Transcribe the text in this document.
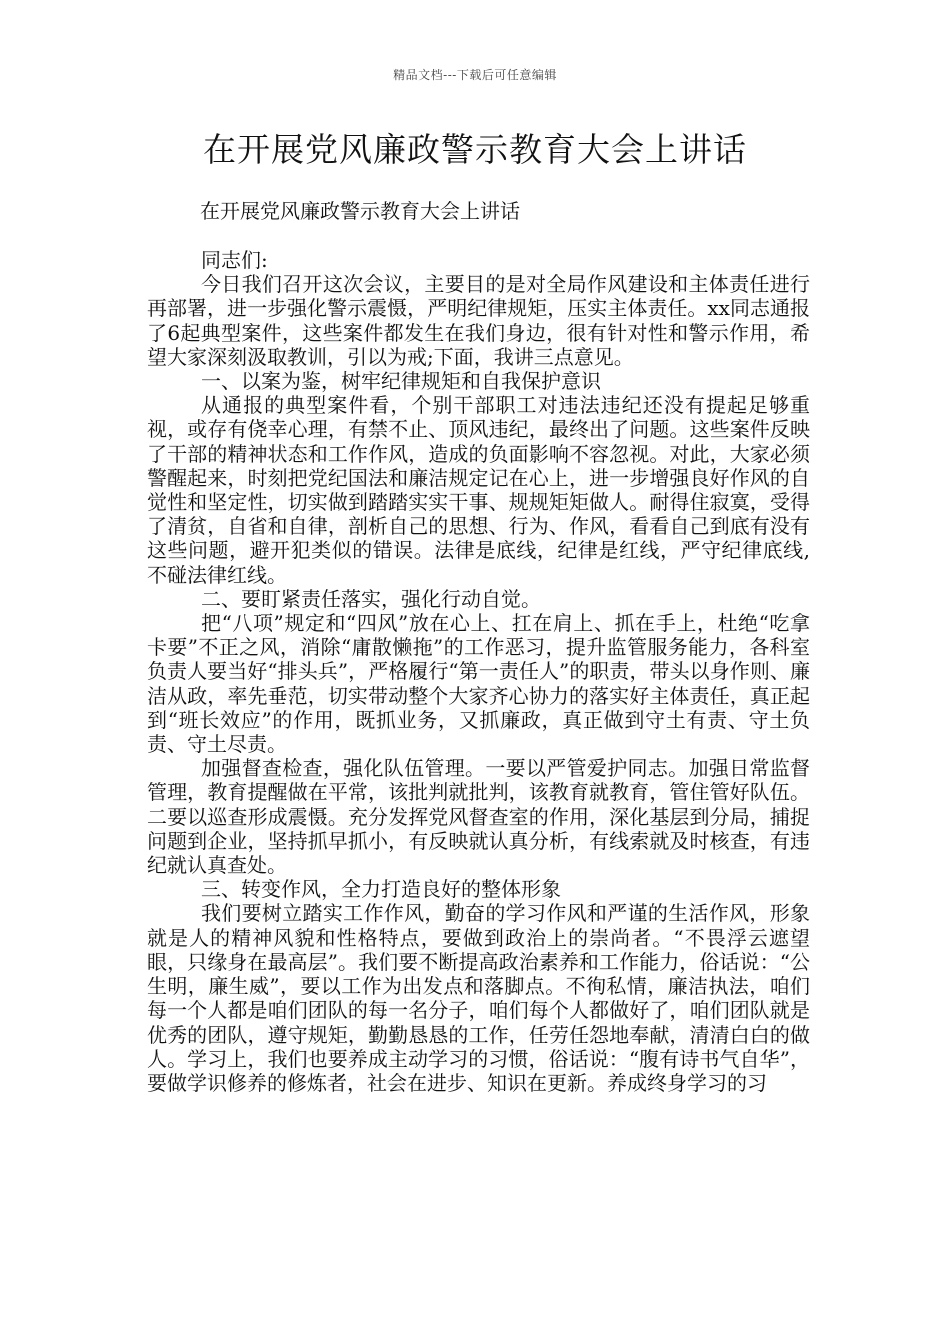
精品文档---下载后可任意编辑
在开展党风廉政警示教育大会上讲话
在开展党风廉政警示教育大会上讲话

同志们:

今日我们召开这次会议，主要目的是对全局作风建设和主体责任进行再部署，进一步强化警示震慑，严明纪律规矩，压实主体责任。xx同志通报了6起典型案件，这些案件都发生在我们身边，很有针对性和警示作用，希望大家深刻汲取教训，引以为戒;下面，我讲三点意见。

一、以案为鉴，树牢纪律规矩和自我保护意识

从通报的典型案件看，个别干部职工对违法违纪还没有提起足够重视，或存有侥幸心理，有禁不止、顶风违纪，最终出了问题。这些案件反映了干部的精神状态和工作作风，造成的负面影响不容忽视。对此，大家必须警醒起来，时刻把党纪国法和廉洁规定记在心上，进一步增强良好作风的自觉性和坚定性，切实做到踏踏实实干事、规规矩矩做人。耐得住寂寞，受得了清贫，自省和自律，剖析自己的思想、行为、作风，看看自己到底有没有这些问题，避开犯类似的错误。法律是底线，纪律是红线，严守纪律底线,不碰法律红线。

二、要盯紧责任落实，强化行动自觉。

把“八项”规定和“四风”放在心上、扛在肩上、抓在手上，杜绝“吃拿卡要”不正之风，消除“庸散懒拖”的工作恶习，提升监管服务能力，各科室负责人要当好“排头兵”，严格履行“第一责任人”的职责，带头以身作则、廉洁从政，率先垂范，切实带动整个大家齐心协力的落实好主体责任，真正起到“班长效应”的作用，既抓业务，又抓廉政，真正做到守土有责、守土负责、守土尽责。

加强督查检查，强化队伍管理。一要以严管爱护同志。加强日常监督管理，教育提醒做在平常，该批判就批判，该教育就教育，管住管好队伍。二要以巡查形成震慑。充分发挥党风督查室的作用，深化基层到分局，捕捉问题到企业，坚持抓早抓小，有反映就认真分析，有线索就及时核查，有违纪就认真查处。

三、转变作风，全力打造良好的整体形象

我们要树立踏实工作作风，勤奋的学习作风和严谨的生活作风，形象就是人的精神风貌和性格特点，要做到政治上的崇尚者。“不畏浮云遮望眼，只缘身在最高层”。我们要不断提高政治素养和工作能力，俗话说：“公生明，廉生威”，要以工作为出发点和落脚点。不徇私情，廉洁执法，咱们每一个人都是咱们团队的每一名分子，咱们每个人都做好了，咱们团队就是优秀的团队，遵守规矩，勤勤恳恳的工作，任劳任怨地奉献，清清白白的做人。学习上，我们也要养成主动学习的习惯，俗话说：“腹有诗书气自华”，要做学识修养的修炼者，社会在进步、知识在更新。养成终身学习的习
